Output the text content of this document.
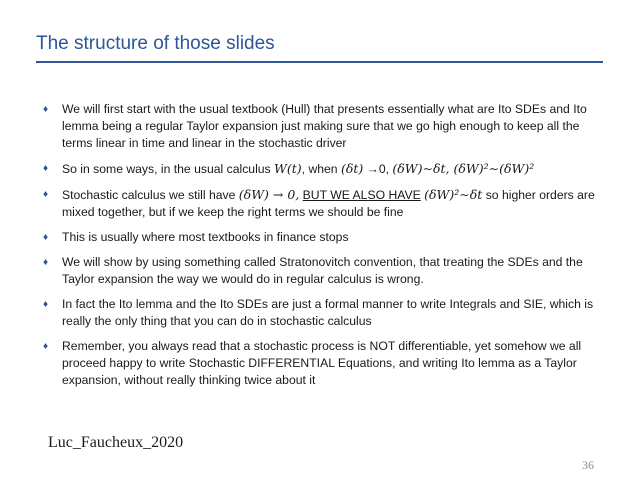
The structure of those slides
♦ We will first start with the usual textbook (Hull) that presents essentially what are Ito SDEs and Ito lemma being a regular Taylor expansion just making sure that we go high enough to keep all the terms linear in time and linear in the stochastic driver
♦ So in some ways, in the usual calculus W(t), when (δt) →0, (δW)∼δt, (δW)²∼(δW)²
♦ Stochastic calculus we still have (δW) → 0, BUT WE ALSO HAVE (δW)²∼δt so higher orders are mixed together, but if we keep the right terms we should be fine
♦ This is usually where most textbooks in finance stops
♦ We will show by using something called Stratonovitch convention, that treating the SDEs and the Taylor expansion the way we would do in regular calculus is wrong.
♦ In fact the Ito lemma and the Ito SDEs are just a formal manner to write Integrals and SIE, which is really the only thing that you can do in stochastic calculus
♦ Remember, you always read that a stochastic process is NOT differentiable, yet somehow we all proceed happy to write Stochastic DIFFERENTIAL Equations, and writing Ito lemma as a Taylor expansion, without really thinking twice about it
Luc_Faucheux_2020
36
